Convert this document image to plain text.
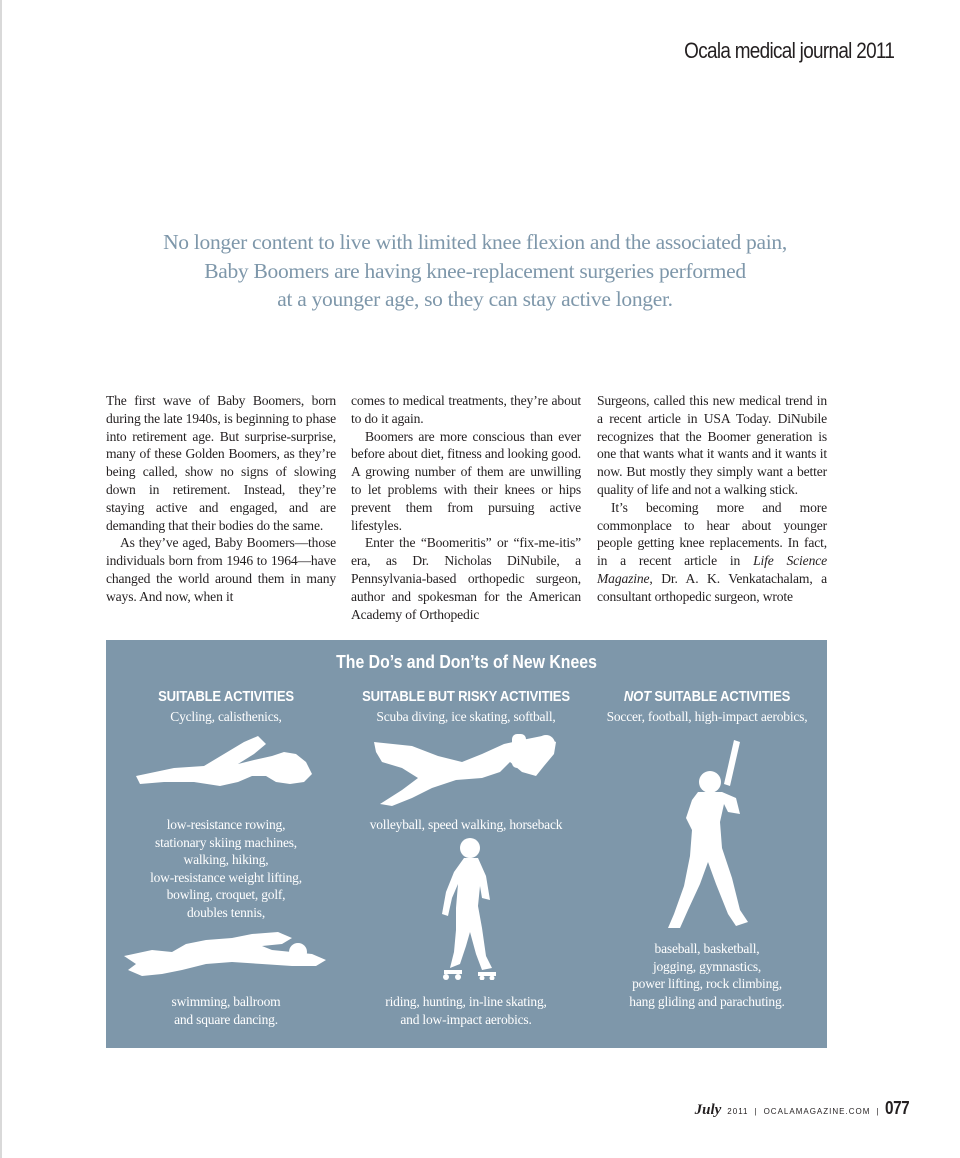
Ocala medical journal 2011
No longer content to live with limited knee flexion and the associated pain,
Baby Boomers are having knee-replacement surgeries performed
at a younger age, so they can stay active longer.

The first wave of Baby Boomers, born during the late 1940s, is beginning to phase into retirement age. But surprise-surprise, many of these Golden Boomers, as they’re being called, show no signs of slowing down in retirement. Instead, they’re staying active and engaged, and are demanding that their bodies do the same.

As they’ve aged, Baby Boomers—those individuals born from 1946 to 1964—have changed the world around them in many ways. And now, when it

comes to medical treatments, they’re about to do it again.

Boomers are more conscious than ever before about diet, fitness and looking good. A growing number of them are unwilling to let problems with their knees or hips prevent them from pursuing active lifestyles.

Enter the “Boomeritis” or “fix-me-itis” era, as Dr. Nicholas DiNubile, a Pennsylvania-based orthopedic surgeon, author and spokesman for the American Academy of Orthopedic

Surgeons, called this new medical trend in a recent article in USA Today. DiNubile recognizes that the Boomer generation is one that wants what it wants and it wants it now. But mostly they simply want a better quality of life and not a walking stick.

It’s becoming more and more commonplace to hear about younger people getting knee replacements. In fact, in a recent article in Life Science Magazine, Dr. A. K. Venkatachalam, a consultant orthopedic surgeon, wrote

The Do’s and Don’ts of New Knees
SUITABLE ACTIVITIES
Cycling, calisthenics,
low-resistance rowing,
stationary skiing machines,
walking, hiking,
low-resistance weight lifting,
bowling, croquet, golf,
doubles tennis,
swimming, ballroom
and square dancing.
SUITABLE BUT RISKY ACTIVITIES
Scuba diving, ice skating, softball,
volleyball, speed walking, horseback
riding, hunting, in-line skating,
and low-impact aerobics.
NOT SUITABLE ACTIVITIES
Soccer, football, high-impact aerobics,
baseball, basketball,
jogging, gymnastics,
power lifting, rock climbing,
hang gliding and parachuting.
July 2011 | OCALAMAGAZINE.COM | 077
